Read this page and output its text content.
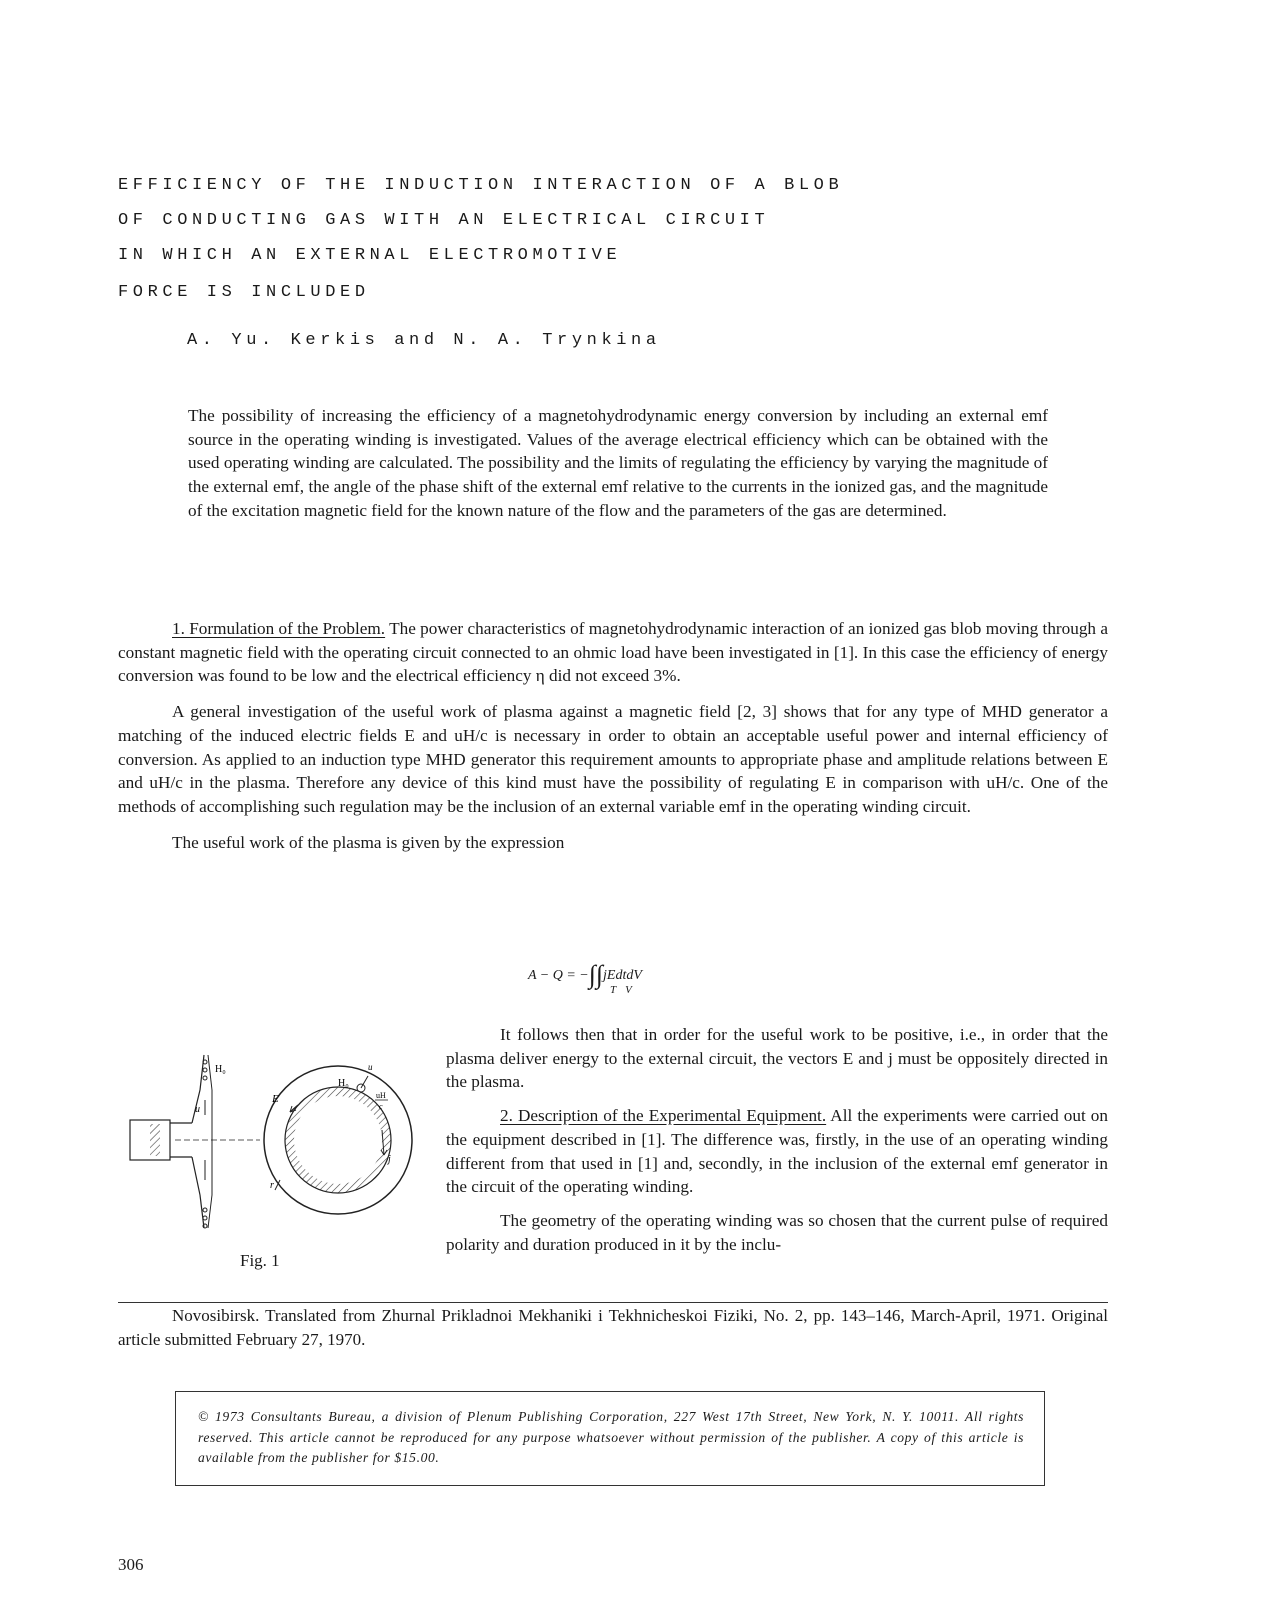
EFFICIENCY OF THE INDUCTION INTERACTION OF A BLOB
OF CONDUCTING GAS WITH AN ELECTRICAL CIRCUIT
IN WHICH AN EXTERNAL ELECTROMOTIVE
FORCE IS INCLUDED
A. Yu. Kerkis and N. A. Trynkina
The possibility of increasing the efficiency of a magnetohydrodynamic energy conversion by including an external emf source in the operating winding is investigated. Values of the average electrical efficiency which can be obtained with the used operating winding are calculated. The possibility and the limits of regulating the efficiency by varying the magnitude of the external emf, the angle of the phase shift of the external emf relative to the currents in the ionized gas, and the magnitude of the excitation magnetic field for the known nature of the flow and the parameters of the gas are determined.

1. Formulation of the Problem. The power characteristics of magnetohydrodynamic interaction of an ionized gas blob moving through a constant magnetic field with the operating circuit connected to an ohmic load have been investigated in [1]. In this case the efficiency of energy conversion was found to be low and the electrical efficiency η did not exceed 3%.

A general investigation of the useful work of plasma against a magnetic field [2, 3] shows that for any type of MHD generator a matching of the induced electric fields E and uH/c is necessary in order to obtain an acceptable useful power and internal efficiency of conversion. As applied to an induction type MHD generator this requirement amounts to appropriate phase and amplitude relations between E and uH/c in the plasma. Therefore any device of this kind must have the possibility of regulating E in comparison with uH/c. One of the methods of accomplishing such regulation may be the inclusion of an external variable emf in the operating winding circuit.

The useful work of the plasma is given by the expression

A − Q = −∫∫jEdtdV
TV

It follows then that in order for the useful work to be positive, i.e., in order that the plasma deliver energy to the external circuit, the vectors E and j must be oppositely directed in the plasma.

2. Description of the Experimental Equipment. All the experiments were carried out on the equipment described in [1]. The difference was, firstly, in the use of an operating winding different from that used in [1] and, secondly, in the inclusion of the external emf generator in the circuit of the operating winding.

The geometry of the operating winding was so chosen that the current pulse of required polarity and duration produced in it by the inclu-

H₀
u
E
H₀
u
uH
c
j
r
Fig. 1

Novosibirsk. Translated from Zhurnal Prikladnoi Mekhaniki i Tekhnicheskoi Fiziki, No. 2, pp. 143–146, March-April, 1971. Original article submitted February 27, 1970.

© 1973 Consultants Bureau, a division of Plenum Publishing Corporation, 227 West 17th Street, New York, N. Y. 10011. All rights reserved. This article cannot be reproduced for any purpose whatsoever without permission of the publisher. A copy of this article is available from the publisher for $15.00.
306
